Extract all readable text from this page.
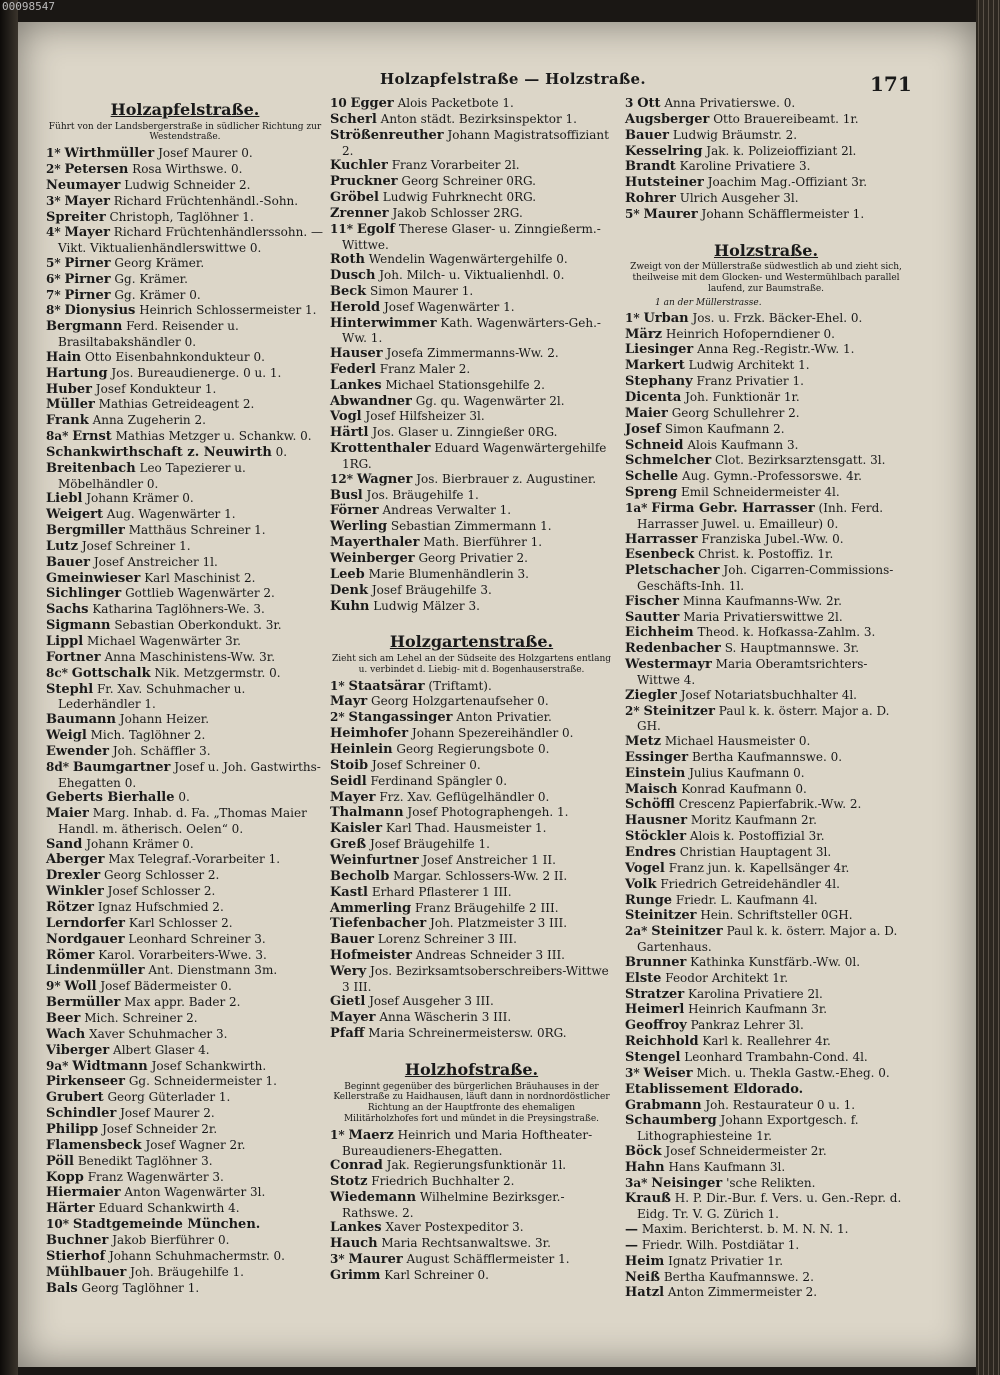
00098547
Holzapfelstraße — Holzstraße.	171
Holzapfelstraße.
Führt von der Landsbergerstraße in südlicher Richtung zur Westendstraße.
1* Wirthmüller Josef Maurer 0.
2* Petersen Rosa Wirthswe. 0.
Neumayer Ludwig Schneider 2.
3* Mayer Richard Früchtenhändl.-Sohn.
Spreiter Christoph, Taglöhner 1.
4* Mayer Richard Früchtenhändlerssohn. — Vikt. Viktualienhändlerswittwe 0.
5* Pirner Georg Krämer.
6* Pirner Gg. Krämer.
7* Pirner Gg. Krämer 0.
8* Dionysius Heinrich Schlossermeister 1.
Bergmann Ferd. Reisender u. Brasiltabakshändler 0.
Hain Otto Eisenbahnkondukteur 0.
Hartung Jos. Bureaudienerge. 0 u. 1.
Huber Josef Kondukteur 1.
Müller Mathias Getreideagent 2.
Frank Anna Zugeherin 2.
8a* Ernst Mathias Metzger u. Schankw. 0.
Schankwirthschaft z. Neuwirth 0.
Breitenbach Leo Tapezierer u. Möbelhändler 0.
Liebl Johann Krämer 0.
Weigert Aug. Wagenwärter 1.
Bergmiller Matthäus Schreiner 1.
Lutz Josef Schreiner 1.
Bauer Josef Anstreicher 1l.
Gmeinwieser Karl Maschinist 2.
Sichlinger Gottlieb Wagenwärter 2.
Sachs Katharina Taglöhners-We. 3.
Sigmann Sebastian Oberkondukt. 3r.
Lippl Michael Wagenwärter 3r.
Fortner Anna Maschinistens-Ww. 3r.
8c* Gottschalk Nik. Metzgermstr. 0.
Stephl Fr. Xav. Schuhmacher u. Lederhändler 1.
Baumann Johann Heizer.
Weigl Mich. Taglöhner 2.
Ewender Joh. Schäffler 3.
8d* Baumgartner Josef u. Joh. Gastwirths-Ehegatten 0.
Geberts Bierhalle 0.
Maier Marg. Inhab. d. Fa. „Thomas Maier Handl. m. ätherisch. Oelen“ 0.
Sand Johann Krämer 0.
Aberger Max Telegraf.-Vorarbeiter 1.
Drexler Georg Schlosser 2.
Winkler Josef Schlosser 2.
Rötzer Ignaz Hufschmied 2.
Lerndorfer Karl Schlosser 2.
Nordgauer Leonhard Schreiner 3.
Römer Karol. Vorarbeiters-Wwe. 3.
Lindenmüller Ant. Dienstmann 3m.
9* Woll Josef Bädermeister 0.
Bermüller Max appr. Bader 2.
Beer Mich. Schreiner 2.
Wach Xaver Schuhmacher 3.
Viberger Albert Glaser 4.
9a* Widtmann Josef Schankwirth.
Pirkenseer Gg. Schneidermeister 1.
Grubert Georg Güterlader 1.
Schindler Josef Maurer 2.
Philipp Josef Schneider 2r.
Flamensbeck Josef Wagner 2r.
Pöll Benedikt Taglöhner 3.
Kopp Franz Wagenwärter 3.
Hiermaier Anton Wagenwärter 3l.
Härter Eduard Schankwirth 4.
10* Stadtgemeinde München.
Buchner Jakob Bierführer 0.
Stierhof Johann Schuhmachermstr. 0.
Mühlbauer Joh. Bräugehilfe 1.
Bals Georg Taglöhner 1.
10 Egger Alois Packetbote 1.
Scherl Anton städt. Bezirksinspektor 1.
Strößenreuther Johann Magistratsoffiziant 2.
Kuchler Franz Vorarbeiter 2l.
Pruckner Georg Schreiner 0RG.
Gröbel Ludwig Fuhrknecht 0RG.
Zrenner Jakob Schlosser 2RG.
11* Egolf Therese Glaser- u. Zinngießerm.-Wittwe.
Roth Wendelin Wagenwärtergehilfe 0.
Dusch Joh. Milch- u. Viktualienhdl. 0.
Beck Simon Maurer 1.
Herold Josef Wagenwärter 1.
Hinterwimmer Kath. Wagenwärters-Geh.-Ww. 1.
Hauser Josefa Zimmermanns-Ww. 2.
Federl Franz Maler 2.
Lankes Michael Stationsgehilfe 2.
Abwandner Gg. qu. Wagenwärter 2l.
Vogl Josef Hilfsheizer 3l.
Härtl Jos. Glaser u. Zinngießer 0RG.
Krottenthaler Eduard Wagenwärtergehilfe 1RG.
12* Wagner Jos. Bierbrauer z. Augustiner.
Busl Jos. Bräugehilfe 1.
Förner Andreas Verwalter 1.
Werling Sebastian Zimmermann 1.
Mayerthaler Math. Bierführer 1.
Weinberger Georg Privatier 2.
Leeb Marie Blumenhändlerin 3.
Denk Josef Bräugehilfe 3.
Kuhn Ludwig Mälzer 3.
Holzgartenstraße.
Zieht sich am Lehel an der Südseite des Holzgartens entlang u. verbindet d. Liebig- mit d. Bogenhauserstraße.
1* Staatsärar (Triftamt).
Mayr Georg Holzgartenaufseher 0.
2* Stangassinger Anton Privatier.
Heimhofer Johann Spezereihändler 0.
Heinlein Georg Regierungsbote 0.
Stoib Josef Schreiner 0.
Seidl Ferdinand Spängler 0.
Mayer Frz. Xav. Geflügelhändler 0.
Thalmann Josef Photographengeh. 1.
Kaisler Karl Thad. Hausmeister 1.
Greß Josef Bräugehilfe 1.
Weinfurtner Josef Anstreicher 1 II.
Becholb Margar. Schlossers-Ww. 2 II.
Kastl Erhard Pflasterer 1 III.
Ammerling Franz Bräugehilfe 2 III.
Tiefenbacher Joh. Platzmeister 3 III.
Bauer Lorenz Schreiner 3 III.
Hofmeister Andreas Schneider 3 III.
Wery Jos. Bezirksamtsoberschreibers-Wittwe 3 III.
Gietl Josef Ausgeher 3 III.
Mayer Anna Wäscherin 3 III.
Pfaff Maria Schreinermeistersw. 0RG.
Holzhofstraße.
Beginnt gegenüber des bürgerlichen Bräuhauses in der Kellerstraße zu Haidhausen, läuft dann in nordnordöstlicher Richtung an der Hauptfronte des ehemaligen Militärholzhofes fort und mündet in die Preysingstraße.
1* Maerz Heinrich und Maria Hoftheater-Bureaudieners-Ehegatten.
Conrad Jak. Regierungsfunktionär 1l.
Stotz Friedrich Buchhalter 2.
Wiedemann Wilhelmine Bezirksger.-Rathswe. 2.
Lankes Xaver Postexpeditor 3.
Hauch Maria Rechtsanwaltswe. 3r.
3* Maurer August Schäfflermeister 1.
Grimm Karl Schreiner 0.
3 Ott Anna Privatierswe. 0.
Augsberger Otto Brauereibeamt. 1r.
Bauer Ludwig Bräumstr. 2.
Kesselring Jak. k. Polizeioffiziant 2l.
Brandt Karoline Privatiere 3.
Hutsteiner Joachim Mag.-Offiziant 3r.
Rohrer Ulrich Ausgeher 3l.
5* Maurer Johann Schäfflermeister 1.
Holzstraße.
Zweigt von der Müllerstraße südwestlich ab und zieht sich, theilweise mit dem Glocken- und Westermühlbach parallel laufend, zur Baumstraße.
1 an der Müllerstrasse.
1* Urban Jos. u. Frzk. Bäcker-Ehel. 0.
März Heinrich Hofoperndiener 0.
Liesinger Anna Reg.-Registr.-Ww. 1.
Markert Ludwig Architekt 1.
Stephany Franz Privatier 1.
Dicenta Joh. Funktionär 1r.
Maier Georg Schullehrer 2.
Josef Simon Kaufmann 2.
Schneid Alois Kaufmann 3.
Schmelcher Clot. Bezirksarztensgatt. 3l.
Schelle Aug. Gymn.-Professorswe. 4r.
Spreng Emil Schneidermeister 4l.
1a* Firma Gebr. Harrasser (Inh. Ferd. Harrasser Juwel. u. Emailleur) 0.
Harrasser Franziska Jubel.-Ww. 0.
Esenbeck Christ. k. Postoffiz. 1r.
Pletschacher Joh. Cigarren-Commissions-Geschäfts-Inh. 1l.
Fischer Minna Kaufmanns-Ww. 2r.
Sautter Maria Privatierswittwe 2l.
Eichheim Theod. k. Hofkassa-Zahlm. 3.
Redenbacher S. Hauptmannswe. 3r.
Westermayr Maria Oberamtsrichters-Wittwe 4.
Ziegler Josef Notariatsbuchhalter 4l.
2* Steinitzer Paul k. k. österr. Major a. D. GH.
Metz Michael Hausmeister 0.
Essinger Bertha Kaufmannswe. 0.
Einstein Julius Kaufmann 0.
Maisch Konrad Kaufmann 0.
Schöffl Crescenz Papierfabrik.-Ww. 2.
Hausner Moritz Kaufmann 2r.
Stöckler Alois k. Postoffizial 3r.
Endres Christian Hauptagent 3l.
Vogel Franz jun. k. Kapellsänger 4r.
Volk Friedrich Getreidehändler 4l.
Runge Friedr. L. Kaufmann 4l.
Steinitzer Hein. Schriftsteller 0GH.
2a* Steinitzer Paul k. k. österr. Major a. D. Gartenhaus.
Brunner Kathinka Kunstfärb.-Ww. 0l.
Elste Feodor Architekt 1r.
Stratzer Karolina Privatiere 2l.
Heimerl Heinrich Kaufmann 3r.
Geoffroy Pankraz Lehrer 3l.
Reichhold Karl k. Reallehrer 4r.
Stengel Leonhard Trambahn-Cond. 4l.
3* Weiser Mich. u. Thekla Gastw.-Eheg. 0.
Etablissement Eldorado.
Grabmann Joh. Restaurateur 0 u. 1.
Schaumberg Johann Exportgesch. f. Lithographiesteine 1r.
Böck Josef Schneidermeister 2r.
Hahn Hans Kaufmann 3l.
3a* Neisinger 'sche Relikten.
Krauß H. P. Dir.-Bur. f. Vers. u. Gen.-Repr. d. Eidg. Tr. V. G. Zürich 1.
— Maxim. Berichterst. b. M. N. N. 1.
— Friedr. Wilh. Postdiätar 1.
Heim Ignatz Privatier 1r.
Neiß Bertha Kaufmannswe. 2.
Hatzl Anton Zimmermeister 2.
